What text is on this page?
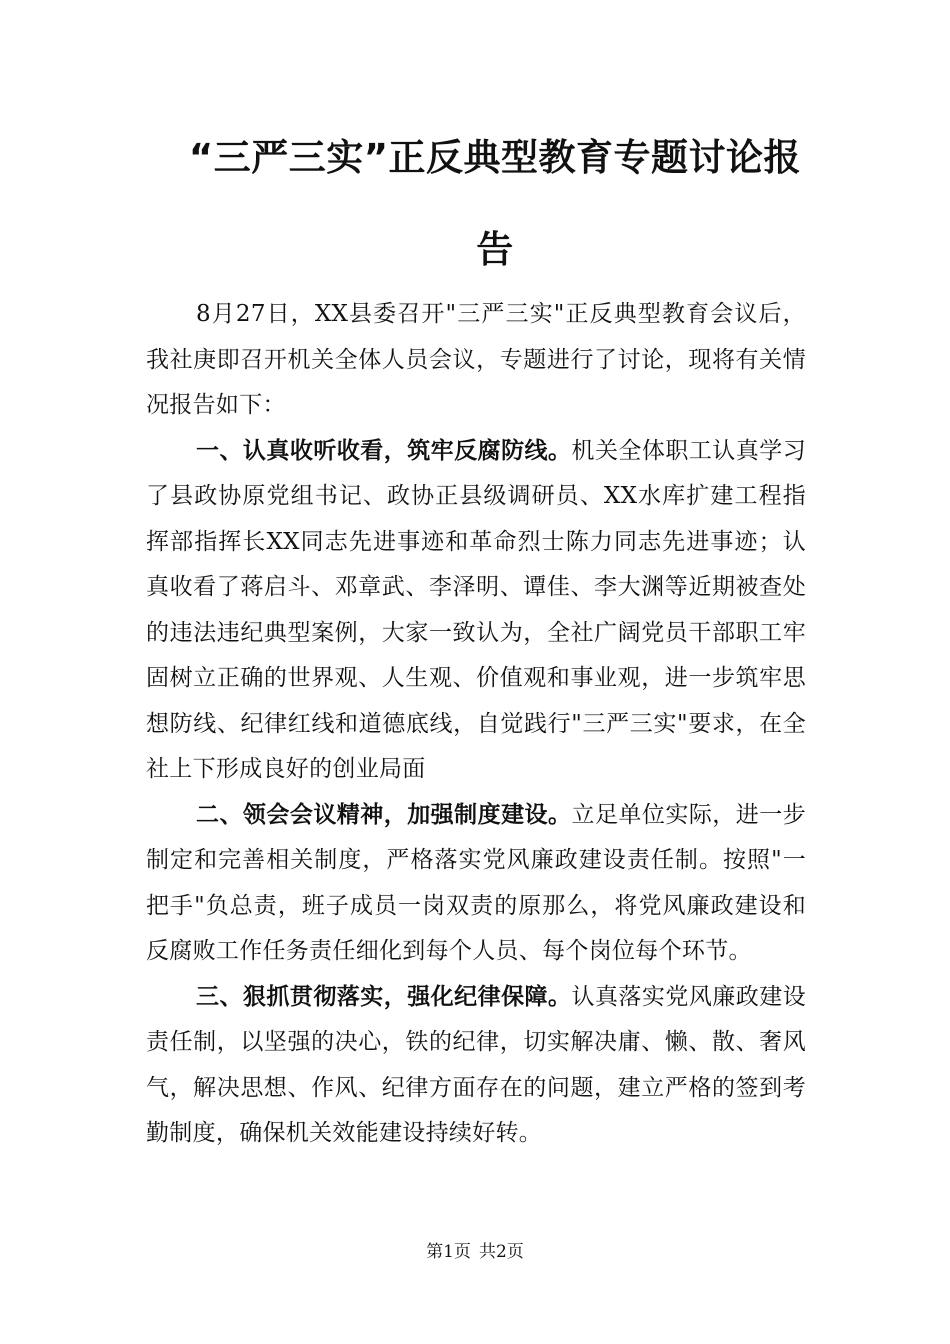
“三严三实”正反典型教育专题讨论报
告

8月27日，XX县委召开"三严三实"正反典型教育会议后，我社庚即召开机关全体人员会议，专题进行了讨论，现将有关情况报告如下：

一、认真收听收看，筑牢反腐防线。机关全体职工认真学习了县政协原党组书记、政协正县级调研员、XX水库扩建工程指挥部指挥长XX同志先进事迹和革命烈士陈力同志先进事迹；认真收看了蒋启斗、邓章武、李泽明、谭佳、李大渊等近期被查处的违法违纪典型案例，大家一致认为，全社广阔党员干部职工牢固树立正确的世界观、人生观、价值观和事业观，进一步筑牢思想防线、纪律红线和道德底线，自觉践行"三严三实"要求，在全社上下形成良好的创业局面

二、领会会议精神，加强制度建设。立足单位实际，进一步制定和完善相关制度，严格落实党风廉政建设责任制。按照"一把手"负总责，班子成员一岗双责的原那么，将党风廉政建设和反腐败工作任务责任细化到每个人员、每个岗位每个环节。

三、狠抓贯彻落实，强化纪律保障。认真落实党风廉政建设责任制，以坚强的决心，铁的纪律，切实解决庸、懒、散、奢风气，解决思想、作风、纪律方面存在的问题，建立严格的签到考勤制度，确保机关效能建设持续好转。

第1页 共2页
